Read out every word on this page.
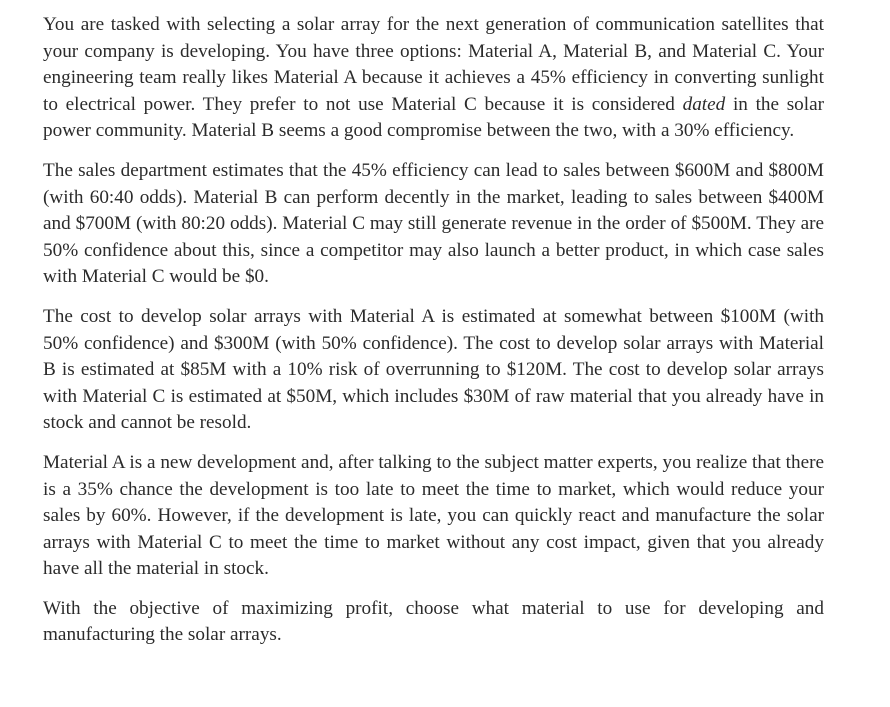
You are tasked with selecting a solar array for the next generation of communication satellites that your company is developing. You have three options: Material A, Material B, and Material C. Your engineering team really likes Material A because it achieves a 45% efficiency in converting sunlight to electrical power. They prefer to not use Material C because it is considered dated in the solar power community. Material B seems a good compromise between the two, with a 30% efficiency.

The sales department estimates that the 45% efficiency can lead to sales between $600M and $800M (with 60:40 odds). Material B can perform decently in the market, leading to sales between $400M and $700M (with 80:20 odds). Material C may still generate revenue in the order of $500M. They are 50% confidence about this, since a competitor may also launch a better product, in which case sales with Material C would be $0.

The cost to develop solar arrays with Material A is estimated at somewhat between $100M (with 50% confidence) and $300M (with 50% confidence). The cost to develop solar arrays with Material B is estimated at $85M with a 10% risk of overrunning to $120M. The cost to develop solar arrays with Material C is estimated at $50M, which includes $30M of raw material that you already have in stock and cannot be resold.

Material A is a new development and, after talking to the subject matter experts, you realize that there is a 35% chance the development is too late to meet the time to market, which would reduce your sales by 60%. However, if the development is late, you can quickly react and manufacture the solar arrays with Material C to meet the time to market without any cost impact, given that you already have all the material in stock.

With the objective of maximizing profit, choose what material to use for developing and manufacturing the solar arrays.
